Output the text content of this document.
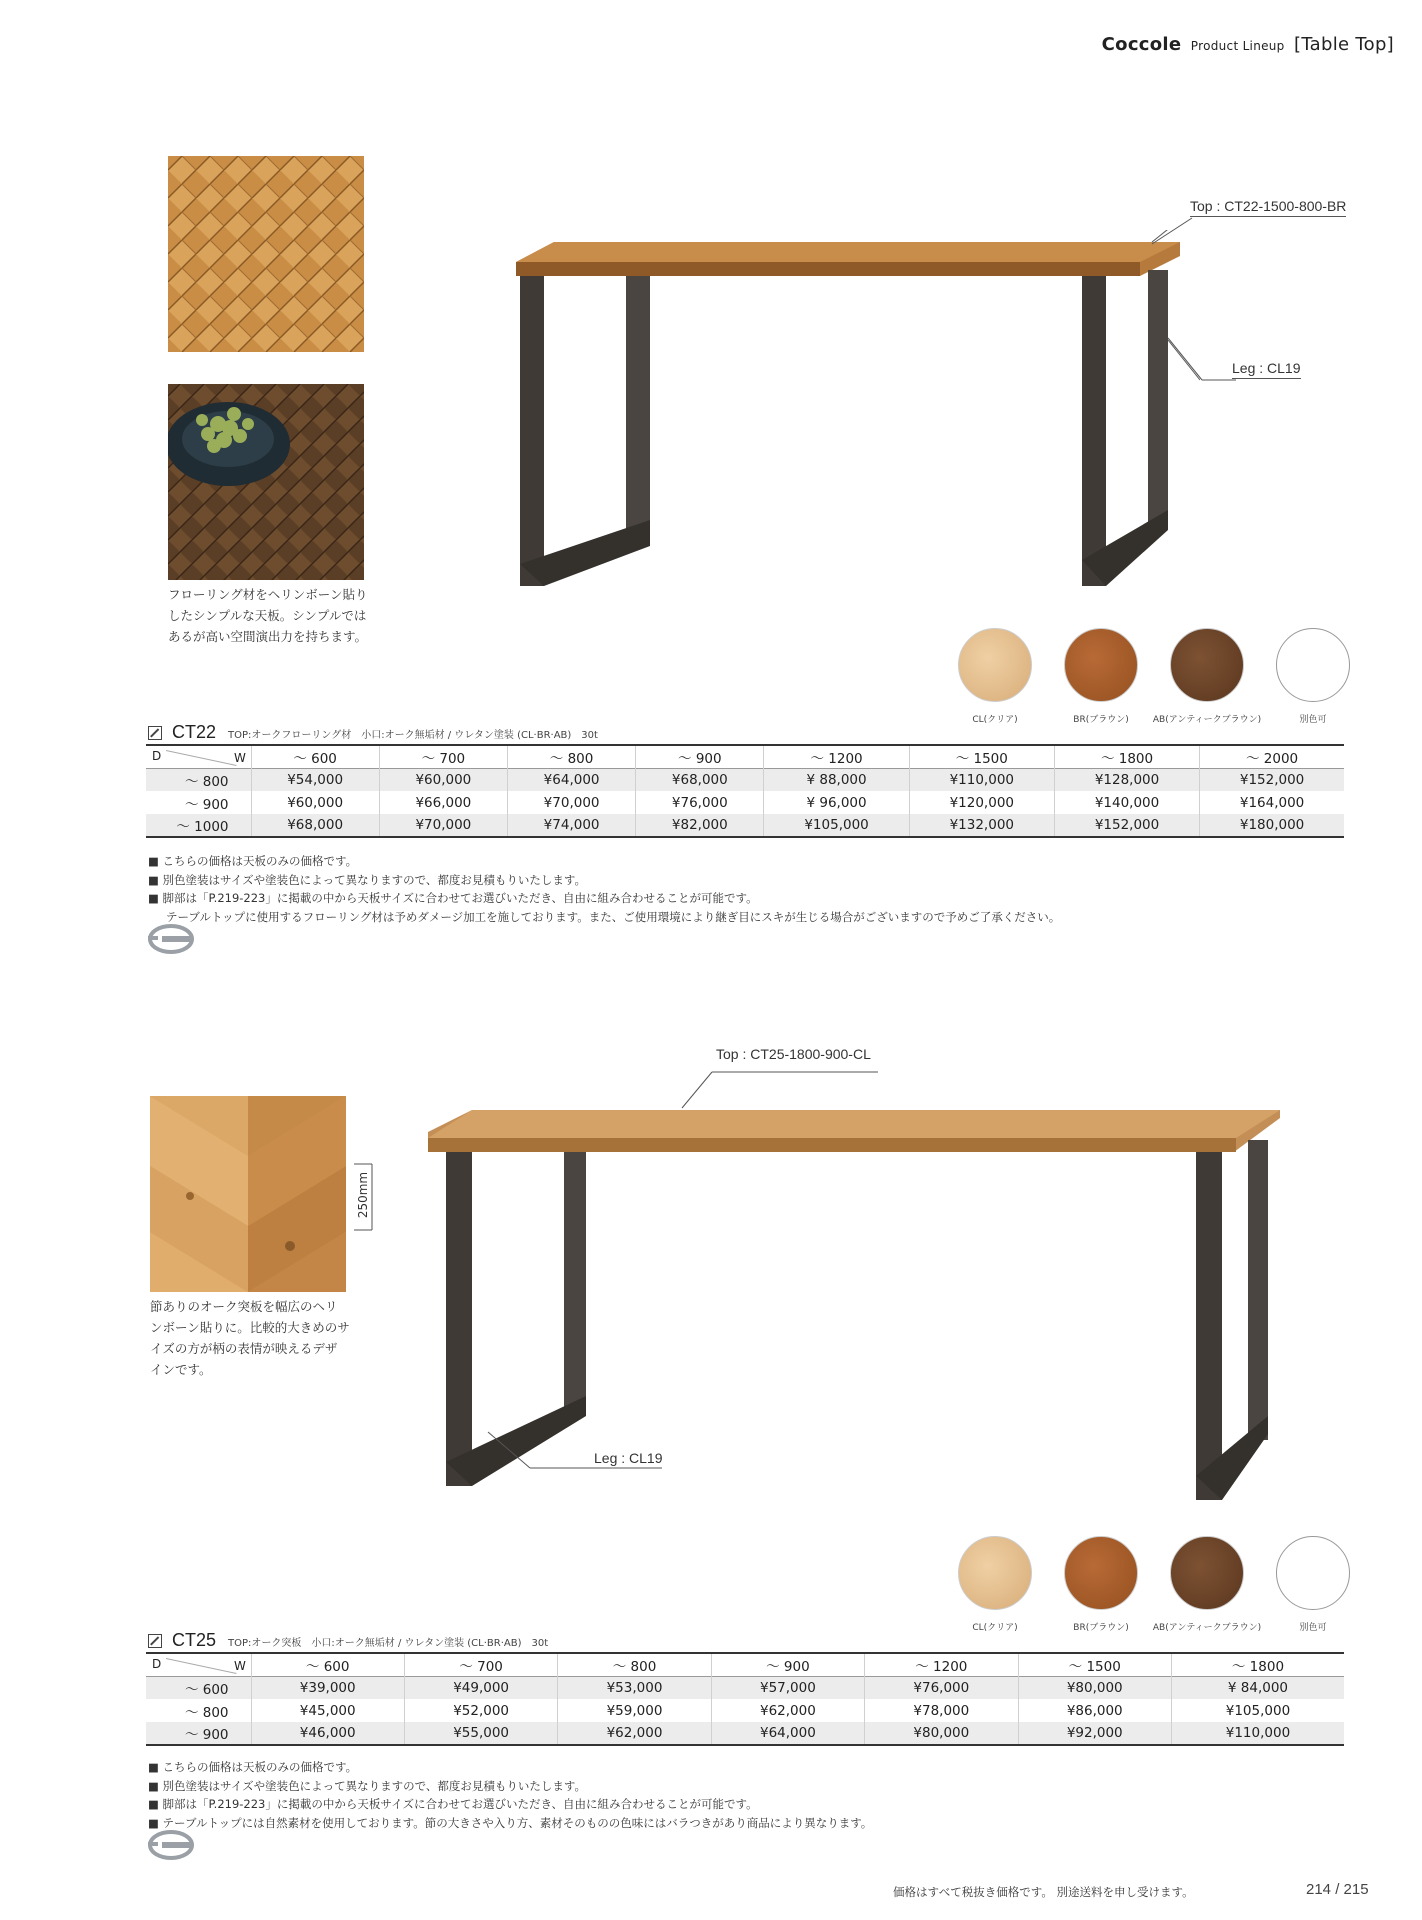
Coccole Product Lineup [Table Top]
フローリング材をヘリンボーン貼り
したシンプルな天板。シンプルでは
あるが高い空間演出力を持ちます。
Top : CT22-1500-800-BR
Leg : CL19
CL(クリア)	BR(ブラウン)	AB(アンティークブラウン)	別色可
CT22 TOP:オークフローリング材　小口:オーク無垢材 / ウレタン塗装 (CL·BR·AB)　30t
D W	～ 600	～ 700	～ 800	～ 900	～ 1200	～ 1500	～ 1800	～ 2000
～ 800	¥54,000	¥60,000	¥64,000	¥68,000	¥ 88,000	¥110,000	¥128,000	¥152,000
～ 900	¥60,000	¥66,000	¥70,000	¥76,000	¥ 96,000	¥120,000	¥140,000	¥164,000
～ 1000	¥68,000	¥70,000	¥74,000	¥82,000	¥105,000	¥132,000	¥152,000	¥180,000
■ こちらの価格は天板のみの価格です。
■ 別色塗装はサイズや塗装色によって異なりますので、都度お見積もりいたします。
■ 脚部は「P.219-223」に掲載の中から天板サイズに合わせてお選びいただき、自由に組み合わせることが可能です。
テーブルトップに使用するフローリング材は予めダメージ加工を施しております。また、ご使用環境により継ぎ目にスキが生じる場合がございますので予めご了承ください。
250mm
節ありのオーク突板を幅広のヘリ
ンボーン貼りに。比較的大きめのサ
イズの方が柄の表情が映えるデザ
インです。
Top : CT25-1800-900-CL
Leg : CL19
CL(クリア)	BR(ブラウン)	AB(アンティークブラウン)	別色可
CT25 TOP:オーク突板　小口:オーク無垢材 / ウレタン塗装 (CL·BR·AB)　30t
D W	～ 600	～ 700	～ 800	～ 900	～ 1200	～ 1500	～ 1800
～ 600	¥39,000	¥49,000	¥53,000	¥57,000	¥76,000	¥80,000	¥ 84,000
～ 800	¥45,000	¥52,000	¥59,000	¥62,000	¥78,000	¥86,000	¥105,000
～ 900	¥46,000	¥55,000	¥62,000	¥64,000	¥80,000	¥92,000	¥110,000
■ こちらの価格は天板のみの価格です。
■ 別色塗装はサイズや塗装色によって異なりますので、都度お見積もりいたします。
■ 脚部は「P.219-223」に掲載の中から天板サイズに合わせてお選びいただき、自由に組み合わせることが可能です。
■ テーブルトップには自然素材を使用しております。節の大きさや入り方、素材そのものの色味にはバラつきがあり商品により異なります。
価格はすべて税抜き価格です。 別途送料を申し受けます。	214 / 215
